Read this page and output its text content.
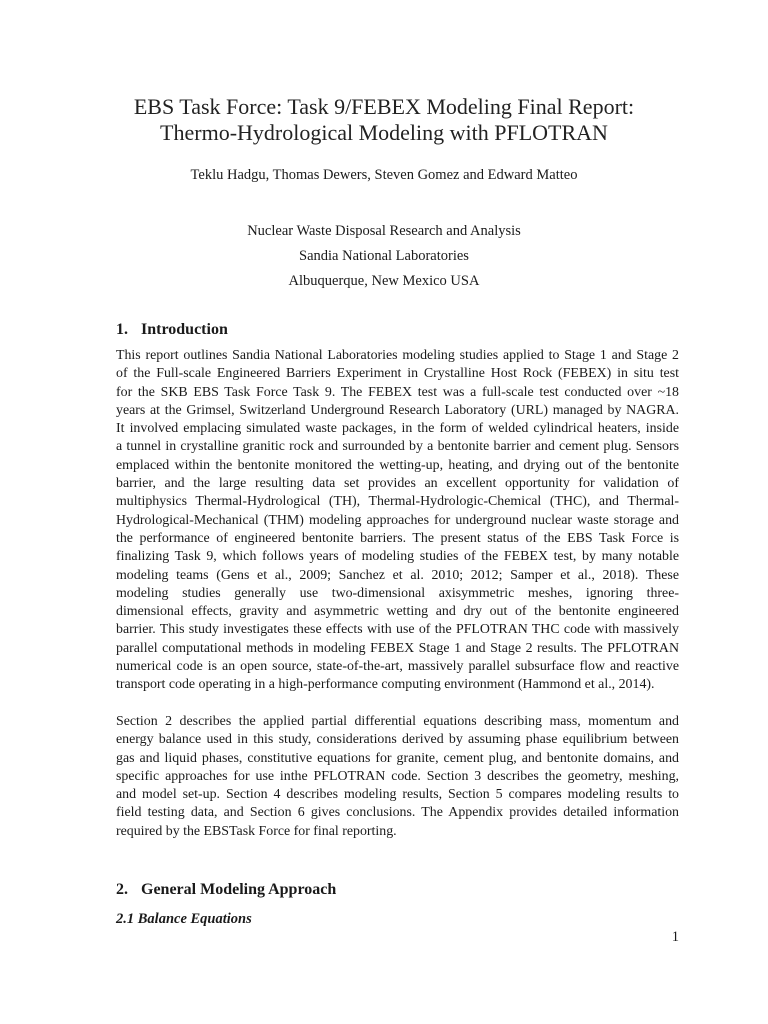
EBS Task Force: Task 9/FEBEX Modeling Final Report:
Thermo-Hydrological Modeling with PFLOTRAN
Teklu Hadgu, Thomas Dewers, Steven Gomez and Edward Matteo
Nuclear Waste Disposal Research and Analysis
Sandia National Laboratories
Albuquerque, New Mexico USA
1. Introduction
This report outlines Sandia National Laboratories modeling studies applied to Stage 1 and Stage 2
of the Full-scale Engineered Barriers Experiment in Crystalline Host Rock (FEBEX) in situ test
for the SKB EBS Task Force Task 9. The FEBEX test was a full-scale test conducted over ~18
years at the Grimsel, Switzerland Underground Research Laboratory (URL) managed by NAGRA.
It involved emplacing simulated waste packages, in the form of welded cylindrical heaters, inside
a tunnel in crystalline granitic rock and surrounded by a bentonite barrier and cement plug. Sensors
emplaced within the bentonite monitored the wetting-up, heating, and drying out of the bentonite
barrier, and the large resulting data set provides an excellent opportunity for validation of
multiphysics Thermal-Hydrological (TH), Thermal-Hydrologic-Chemical (THC), and Thermal-
Hydrological-Mechanical (THM) modeling approaches for underground nuclear waste storage and
the performance of engineered bentonite barriers. The present status of the EBS Task Force is
finalizing Task 9, which follows years of modeling studies of the FEBEX test, by many notable
modeling teams (Gens et al., 2009; Sanchez et al. 2010; 2012; Samper et al., 2018). These
modeling studies generally use two-dimensional axisymmetric meshes, ignoring three-
dimensional effects, gravity and asymmetric wetting and dry out of the bentonite engineered
barrier. This study investigates these effects with use of the PFLOTRAN THC code with massively
parallel computational methods in modeling FEBEX Stage 1 and Stage 2 results. The PFLOTRAN
numerical code is an open source, state-of-the-art, massively parallel subsurface flow and reactive
transport code operating in a high-performance computing environment (Hammond et al., 2014).
Section 2 describes the applied partial differential equations describing mass, momentum and
energy balance used in this study, considerations derived by assuming phase equilibrium between
gas and liquid phases, constitutive equations for granite, cement plug, and bentonite domains, and
specific approaches for use inthe PFLOTRAN code. Section 3 describes the geometry, meshing,
and model set-up. Section 4 describes modeling results, Section 5 compares modeling results to
field testing data, and Section 6 gives conclusions. The Appendix provides detailed information
required by the EBSTask Force for final reporting.
2. General Modeling Approach
2.1 Balance Equations
1
